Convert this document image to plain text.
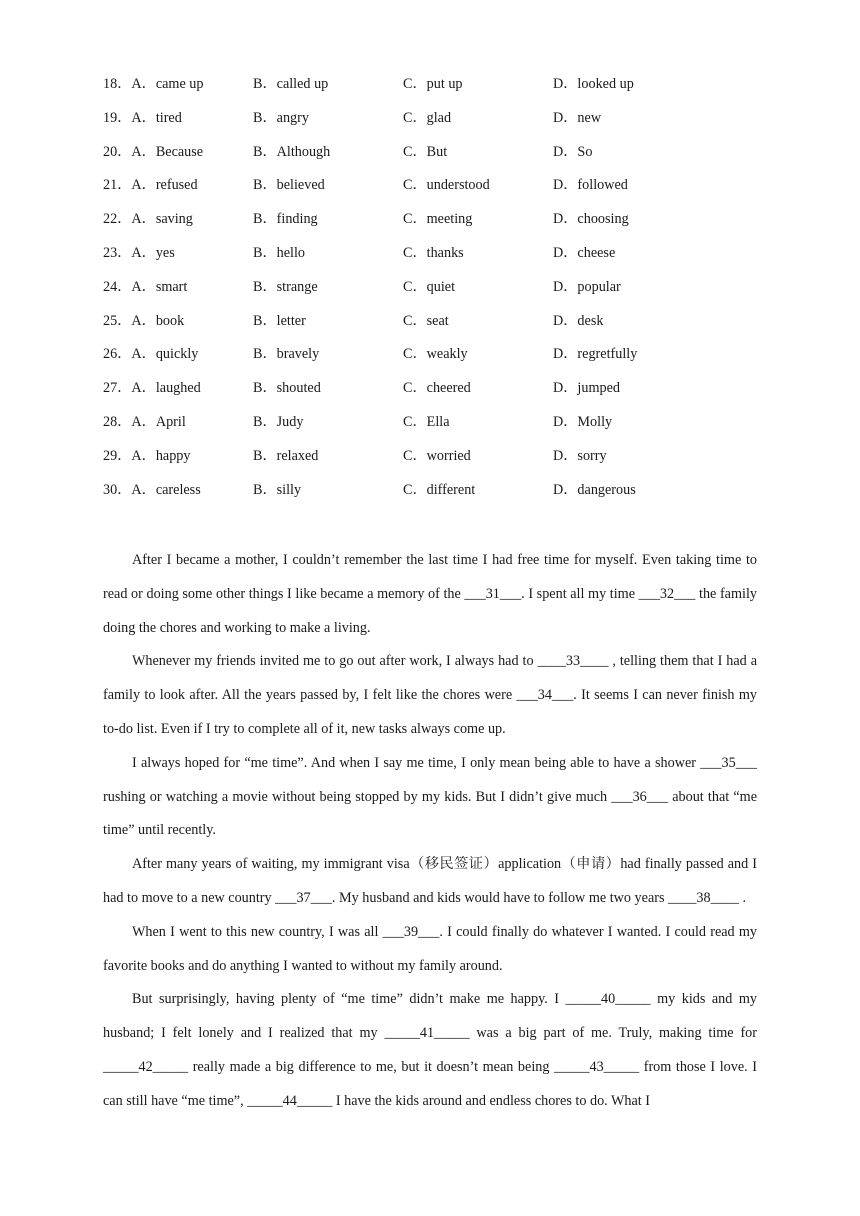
18．A．came up	B．called up	C．put up	D．looked up
19．A．tired	B．angry	C．glad	D．new
20．A．Because	B．Although	C．But	D．So
21．A．refused	B．believed	C．understood	D．followed
22．A．saving	B．finding	C．meeting	D．choosing
23．A．yes	B．hello	C．thanks	D．cheese
24．A．smart	B．strange	C．quiet	D．popular
25．A．book	B．letter	C．seat	D．desk
26．A．quickly	B．bravely	C．weakly	D．regretfully
27．A．laughed	B．shouted	C．cheered	D．jumped
28．A．April	B．Judy	C．Ella	D．Molly
29．A．happy	B．relaxed	C．worried	D．sorry
30．A．careless	B．silly	C．different	D．dangerous

After I became a mother, I couldn’t remember the last time I had free time for myself. Even taking time to read or doing some other things I like became a memory of the ___31___. I spent all my time ___32___ the family doing the chores and working to make a living.

Whenever my friends invited me to go out after work, I always had to ____33____ , telling them that I had a family to look after. All the years passed by, I felt like the chores were ___34___. It seems I can never finish my to-do list. Even if I try to complete all of it, new tasks always come up.

I always hoped for “me time”. And when I say me time, I only mean being able to have a shower ___35___ rushing or watching a movie without being stopped by my kids. But I didn’t give much ___36___ about that “me time” until recently.

After many years of waiting, my immigrant visa（移民签证）application（申请）had finally passed and I had to move to a new country ___37___. My husband and kids would have to follow me two years ____38____ .

When I went to this new country, I was all ___39___. I could finally do whatever I wanted. I could read my favorite books and do anything I wanted to without my family around.

But surprisingly, having plenty of “me time” didn’t make me happy. I _____40_____ my kids and my husband; I felt lonely and I realized that my _____41_____ was a big part of me. Truly, making time for _____42_____ really made a big difference to me, but it doesn’t mean being _____43_____ from those I love. I can still have “me time”, _____44_____ I have the kids around and endless chores to do. What I
